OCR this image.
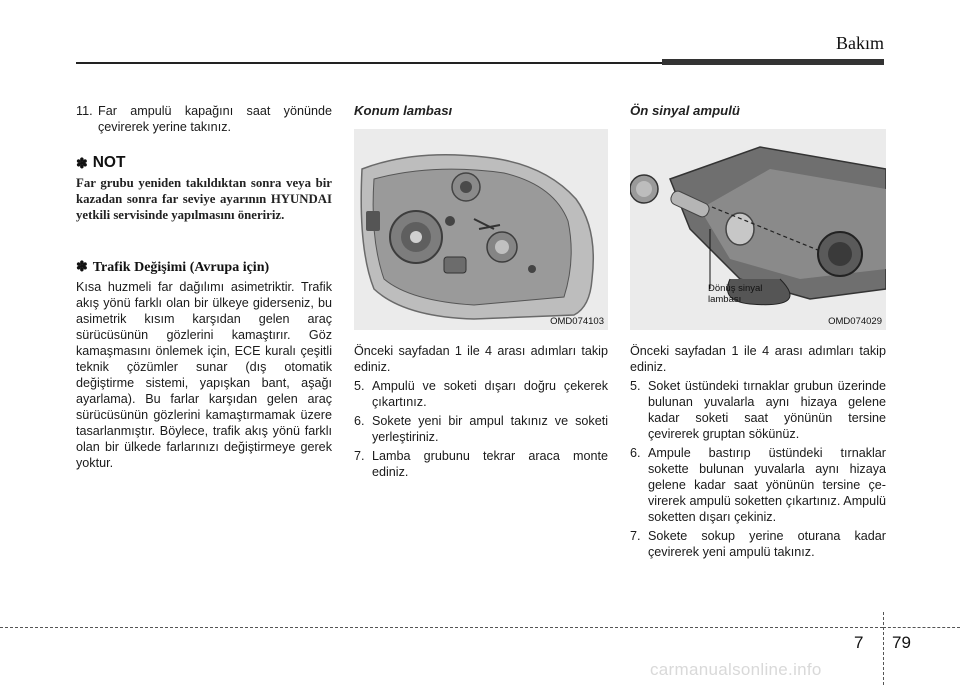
Bakım
11. Far ampulü kapağını saat yönünde çevirerek yerine takınız.
✽ NOT

Far grubu yeniden takıldıktan sonra veya bir kazadan sonra far seviye ayarının HYUNDAI yetkili servisinde yapılmasını öneririz.

✽ Trafik Değişimi (Avrupa için)

Kısa huzmeli far dağılımı asimetriktir. Trafik akış yönü farklı olan bir ülkeye giderseniz, bu asimetrik kısım karşıdan gelen araç sürücüsünün gözlerini kamaştırır. Göz kamaşmasını önlemek için, ECE kuralı çeşitli teknik çözümler sunar (dış otomatik değiştirme sistemi, yapışkan bant, aşağı ayarlama). Bu farlar karşıdan gelen araç sürücüsünün gözlerini kamaştırmamak üzere tasarlanmıştır. Böylece, trafik akış yönü farklı olan bir ülkede farlarınızı değiştirmeye gerek yoktur.

Konum lambası
OMD074103

Önceki sayfadan 1 ile 4 arası adımları takip ediniz.

5. Ampulü ve soketi dışarı doğru çekerek çıkartınız.
6. Sokete yeni bir ampul takınız ve soketi yerleştiriniz.
7. Lamba grubunu tekrar araca monte ediniz.
Ön sinyal ampulü
Dönüş sinyal
lambası
OMD074029

Önceki sayfadan 1 ile 4 arası adımları takip ediniz.

5. Soket üstündeki tırnaklar grubun üzerinde bulunan yuvalarla aynı hizaya gelene kadar soketi saat yönünün tersine çevirerek gruptan sökünüz.
6. Ampule bastırıp üstündeki tırnaklar sokette bulunan yuvalarla aynı hizaya gelene kadar saat yönünün tersine çevirerek ampulü soketten çıkartınız. Ampulü soketten dışarı çekiniz.
7. Sokete sokup yerine oturana kadar çevirerek yeni ampulü takınız.
7 79
carmanualsonline.info
